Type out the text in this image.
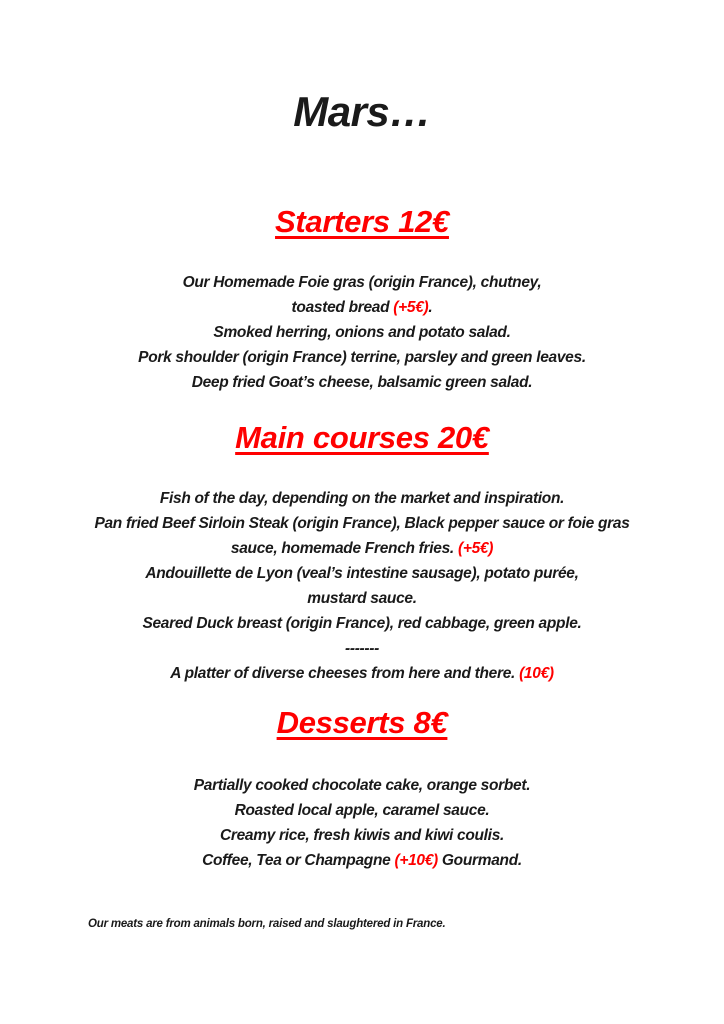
Mars…
Starters 12€
Our Homemade Foie gras (origin France), chutney,
toasted bread (+5€).
Smoked herring, onions and potato salad.
Pork shoulder (origin France) terrine, parsley and green leaves.
Deep fried Goat’s cheese, balsamic green salad.
Main courses 20€
Fish of the day, depending on the market and inspiration.
Pan fried Beef Sirloin Steak (origin France), Black pepper sauce or foie gras
sauce, homemade French fries. (+5€)
Andouillette de Lyon (veal’s intestine sausage), potato purée,
mustard sauce.
Seared Duck breast (origin France), red cabbage, green apple.
-------
A platter of diverse cheeses from here and there. (10€)
Desserts 8€
Partially cooked chocolate cake, orange sorbet.
Roasted local apple, caramel sauce.
Creamy rice, fresh kiwis and kiwi coulis.
Coffee, Tea or Champagne (+10€) Gourmand.
Our meats are from animals born, raised and slaughtered in France.
